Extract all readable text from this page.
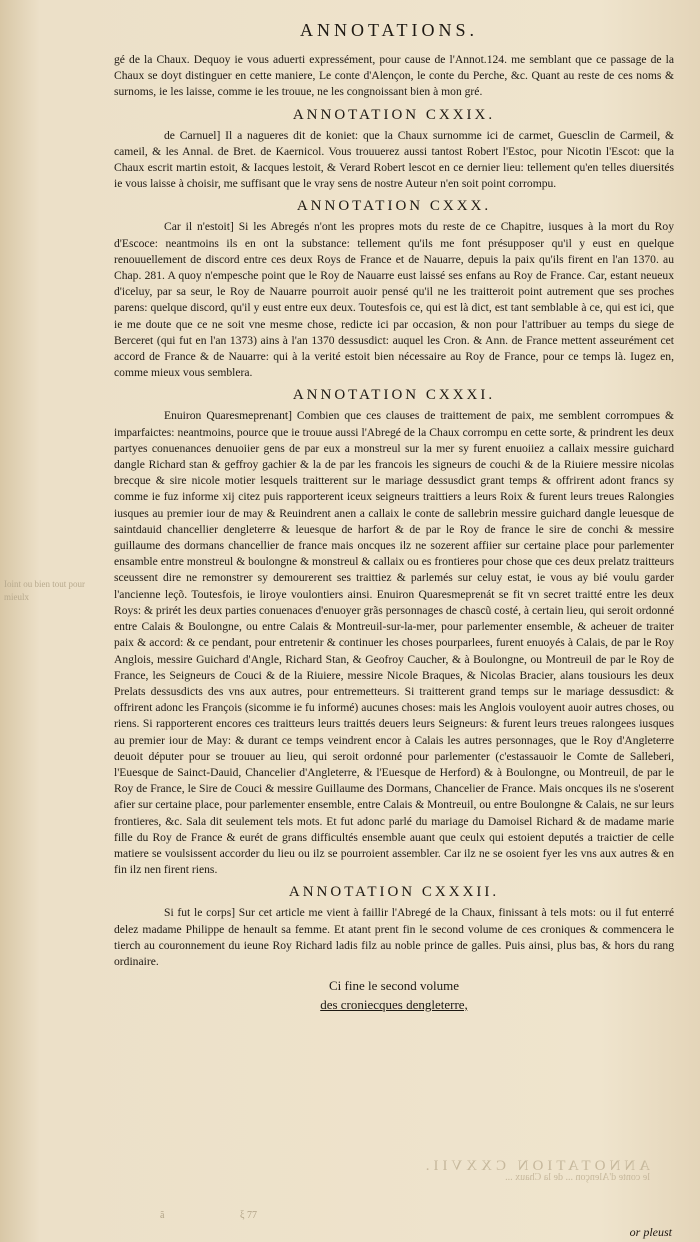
ANNOTATIONS.
Ioint ou bien tout pour mieulx

gé de la Chaux. Dequoy ie vous aduerti expressément, pour cause de l'Annot.124. me semblant que ce passage de la Chaux se doyt distinguer en cette maniere, Le conte d'Alençon, le conte du Perche, &c. Quant au reste de ces noms & surnoms, ie les laisse, comme ie les trouue, ne les congnoissant bien à mon gré.

ANNOTATION CXXIX.

de Carnuel] Il a nagueres dit de koniet: que la Chaux surnomme ici de carmet, Guesclin de Carmeil, & cameil, & les Annal. de Bret. de Kaernicol. Vous trouuerez aussi tantost Robert l'Estoc, pour Nicotin l'Escot: que la Chaux escrit martin estoit, & Iacques lestoit, & Verard Robert lescot en ce dernier lieu: tellement qu'en telles diuersités ie vous laisse à choisir, me suffisant que le vray sens de nostre Auteur n'en soit point corrompu.

ANNOTATION CXXX.

Car il n'estoit] Si les Abregés n'ont les propres mots du reste de ce Chapitre, iusques à la mort du Roy d'Escoce: neantmoins ils en ont la substance: tellement qu'ils me font présupposer qu'il y eust en quelque renouuellement de discord entre ces deux Roys de France et de Nauarre, depuis la paix qu'ils firent en l'an 1370. au Chap. 281. A quoy n'empesche point que le Roy de Nauarre eust laissé ses enfans au Roy de France. Car, estant neueux d'iceluy, par sa seur, le Roy de Nauarre pourroit auoir pensé qu'il ne les traitteroit point autrement que ses proches parens: quelque discord, qu'il y eust entre eux deux. Toutesfois ce, qui est là dict, est tant semblable à ce, qui est ici, que ie me doute que ce ne soit vne mesme chose, redicte ici par occasion, & non pour l'attribuer au temps du siege de Berceret (qui fut en l'an 1373) ains à l'an 1370 dessusdict: auquel les Cron. & Ann. de France mettent asseurément cet accord de France & de Nauarre: qui à la verité estoit bien nécessaire au Roy de France, pour ce temps là. Iugez en, comme mieux vous semblera.

ANNOTATION CXXXI.

Enuiron Quaresmeprenant] Combien que ces clauses de traittement de paix, me semblent corrompues & imparfaictes: neantmoins, pource que ie trouue aussi l'Abregé de la Chaux corrompu en cette sorte, & prindrent les deux partyes conuenances denuoiier gens de par eux a monstreul sur la mer sy furent enuoiiez a callaix messire guichard dangle Richard stan & geffroy gachier & la de par les francois les signeurs de couchi & de la Riuiere messire nicolas brecque & sire nicole motier lesquels traitterent sur le mariage dessusdict grant temps & offrirent adont francs sy comme ie fuz informe xij citez puis rapporterent iceux seigneurs traittiers a leurs Roix & furent leurs treues Ralongies iusques au premier iour de may & Reuindrent anen a callaix le conte de sallebrin messire guichard dangle leuesque de saintdauid chancellier dengleterre & leuesque de harfort & de par le Roy de france le sire de conchi & messire guillaume des dormans chancellier de france mais oncques ilz ne sozerent affiier sur certaine place pour parlementer ensamble entre monstreul & boulongne & monstreul & callaix ou es frontieres pour chose que ces deux prelatz traitteurs sceussent dire ne remonstrer sy demourerent ses traittiez & parlemés sur celuy estat, ie vous ay bié voulu garder l'ancienne leçõ. Toutesfois, ie liroye voulontiers ainsi. Enuiron Quaresmeprenát se fit vn secret traitté entre les deux Roys: & prirét les deux parties conuenaces d'enuoyer grãs personnages de chascũ costé, à certain lieu, qui seroit ordonné entre Calais & Boulongne, ou entre Calais & Montreuil-sur-la-mer, pour parlementer ensemble, & acheuer de traiter paix & accord: & ce pendant, pour entretenir & continuer les choses pourparlees, furent enuoyés à Calais, de par le Roy Anglois, messire Guichard d'Angle, Richard Stan, & Geofroy Caucher, & à Boulongne, ou Montreuil de par le Roy de France, les Seigneurs de Couci & de la Riuiere, messire Nicole Braques, & Nicolas Bracier, alans tousiours les deux Prelats dessusdicts des vns aux autres, pour entremetteurs. Si traitterent grand temps sur le mariage dessusdict: & offrirent adonc les François (sicomme ie fu informé) aucunes choses: mais les Anglois vouloyent auoir autres choses, ou riens. Si rapporterent encores ces traitteurs leurs traittés deuers leurs Seigneurs: & furent leurs treues ralongees iusques au premier iour de May: & durant ce temps veindrent encor à Calais les autres personnages, que le Roy d'Angleterre deuoit députer pour se trouuer au lieu, qui seroit ordonné pour parlementer (c'estassauoir le Comte de Salleberi, l'Euesque de Sainct-Dauid, Chancelier d'Angleterre, & l'Euesque de Herford) & à Boulongne, ou Montreuil, de par le Roy de France, le Sire de Couci & messire Guillaume des Dormans, Chancelier de France. Mais oncques ils ne s'oserent afier sur certaine place, pour parlementer ensemble, entre Calais & Montreuil, ou entre Boulongne & Calais, ne sur leurs frontieres, &c. Sala dit seulement tels mots. Et fut adonc parlé du mariage du Damoisel Richard & de madame marie fille du Roy de France & eurét de grans difficultés ensemble auant que ceulx qui estoient deputés a traictier de celle matiere se voulsissent accorder du lieu ou ilz se pourroient assembler. Car ilz ne se osoient fyer les vns aux autres & en fin ilz nen firent riens.

ANNOTATION CXXXII.

Si fut le corps] Sur cet article me vient à faillir l'Abregé de la Chaux, finissant à tels mots: ou il fut enterré delez madame Philippe de henault sa femme. Et atant prent fin le second volume de ces croniques & commencera le tierch au couronnement du ieune Roy Richard ladis filz au noble prince de galles. Puis ainsi, plus bas, & hors du rang ordinaire.

Ci fine le second volume
des croniecques dengleterre,
ANNOTATION CXXVII.
le conte d'Alençon ... de la Chaux ...
ã	ξ 77
or pleust
